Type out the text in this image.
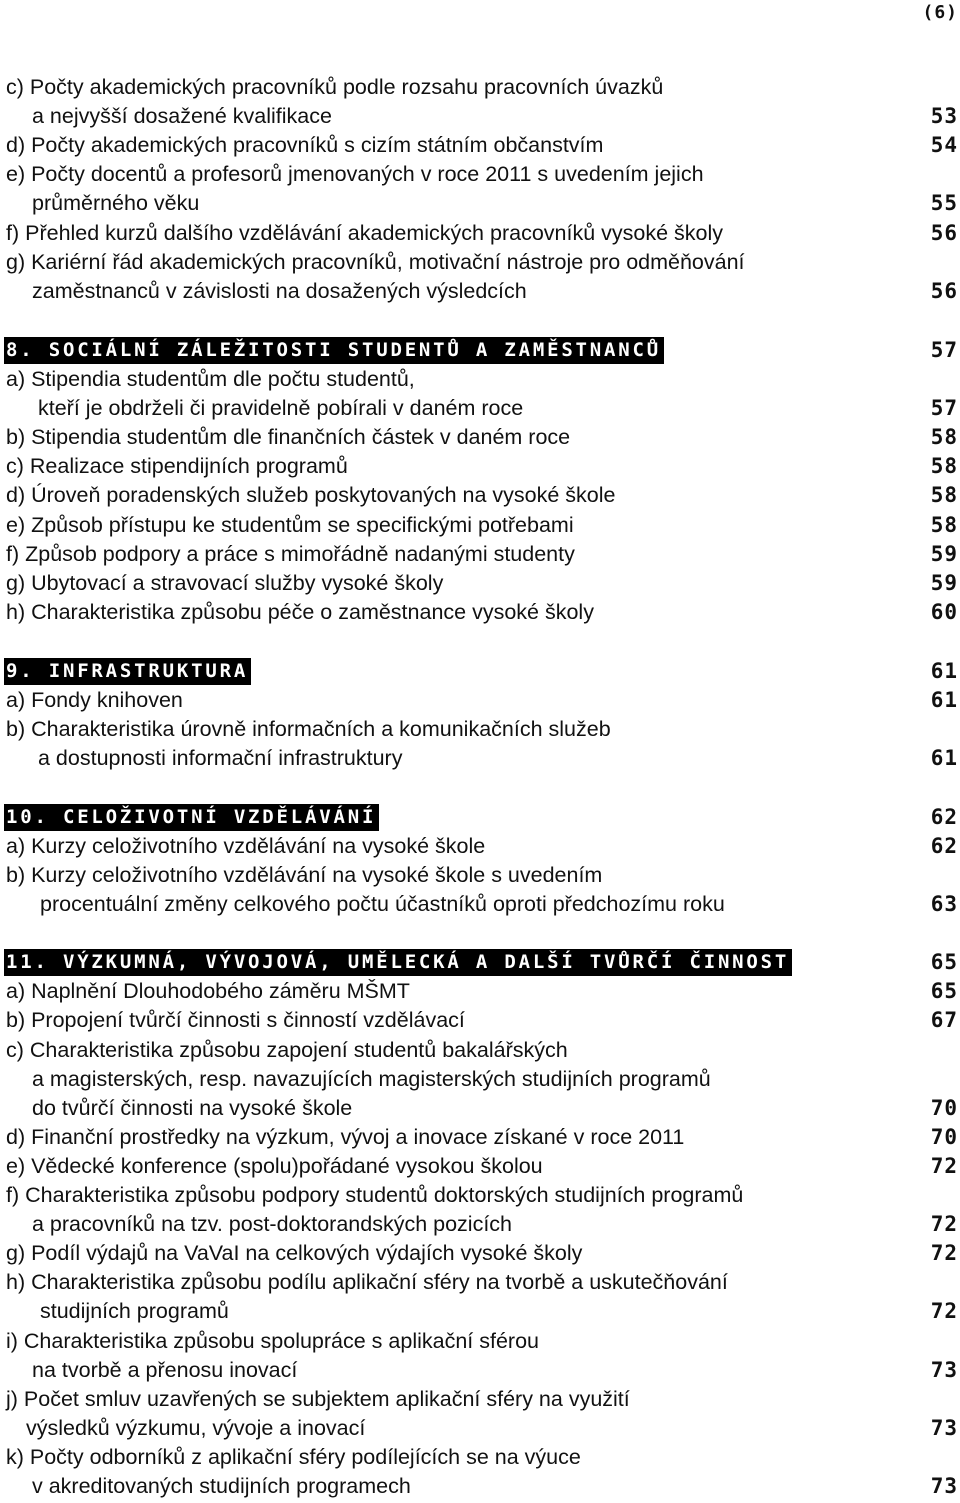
(6)
c) Počty akademických pracovníků podle rozsahu pracovních úvazků
a nejvyšší dosažené kvalifikace	53
d) Počty akademických pracovníků s cizím státním občanstvím	54
e) Počty docentů a profesorů jmenovaných v roce 2011 s uvedením jejich
průměrného věku	55
f) Přehled kurzů dalšího vzdělávání akademických pracovníků vysoké školy	56
g) Kariérní řád akademických pracovníků, motivační nástroje pro odměňování
zaměstnanců v závislosti na dosažených výsledcích	56
8. SOCIÁLNÍ ZÁLEŽITOSTI STUDENTŮ A ZAMĚSTNANCŮ	57
a) Stipendia studentům dle počtu studentů,
kteří je obdrželi či pravidelně pobírali v daném roce	57
b) Stipendia studentům dle finančních částek v daném roce	58
c) Realizace stipendijních programů	58
d) Úroveň poradenských služeb poskytovaných na vysoké škole	58
e) Způsob přístupu ke studentům se specifickými potřebami	58
f) Způsob podpory a práce s mimořádně nadanými studenty	59
g) Ubytovací a stravovací služby vysoké školy	59
h) Charakteristika způsobu péče o zaměstnance vysoké školy	60
9. INFRASTRUKTURA	61
a) Fondy knihoven	61
b) Charakteristika úrovně informačních a komunikačních služeb
a dostupnosti informační infrastruktury	61
10. CELOŽIVOTNÍ VZDĚLÁVÁNÍ	62
a) Kurzy celoživotního vzdělávání na vysoké škole	62
b) Kurzy celoživotního vzdělávání na vysoké škole s uvedením
procentuální změny celkového počtu účastníků oproti předchozímu roku	63
11. VÝZKUMNÁ, VÝVOJOVÁ, UMĚLECKÁ A DALŠÍ TVŮRČÍ ČINNOST	65
a) Naplnění Dlouhodobého záměru MŠMT	65
b) Propojení tvůrčí činnosti s činností vzdělávací	67
c) Charakteristika způsobu zapojení studentů bakalářských
a magisterských, resp. navazujících magisterských studijních programů
do tvůrčí činnosti na vysoké škole	70
d) Finanční prostředky na výzkum, vývoj a inovace získané v roce 2011	70
e) Vědecké konference (spolu)pořádané vysokou školou	72
f) Charakteristika způsobu podpory studentů doktorských studijních programů
a pracovníků na tzv. post-doktorandských pozicích	72
g) Podíl výdajů na VaVaI na celkových výdajích vysoké školy	72
h) Charakteristika způsobu podílu aplikační sféry na tvorbě a uskutečňování
studijních programů	72
i) Charakteristika způsobu spolupráce s aplikační sférou
na tvorbě a přenosu inovací	73
j) Počet smluv uzavřených se subjektem aplikační sféry na využití
výsledků výzkumu, vývoje a inovací	73
k) Počty odborníků z aplikační sféry podílejících se na výuce
v akreditovaných studijních programech	73
